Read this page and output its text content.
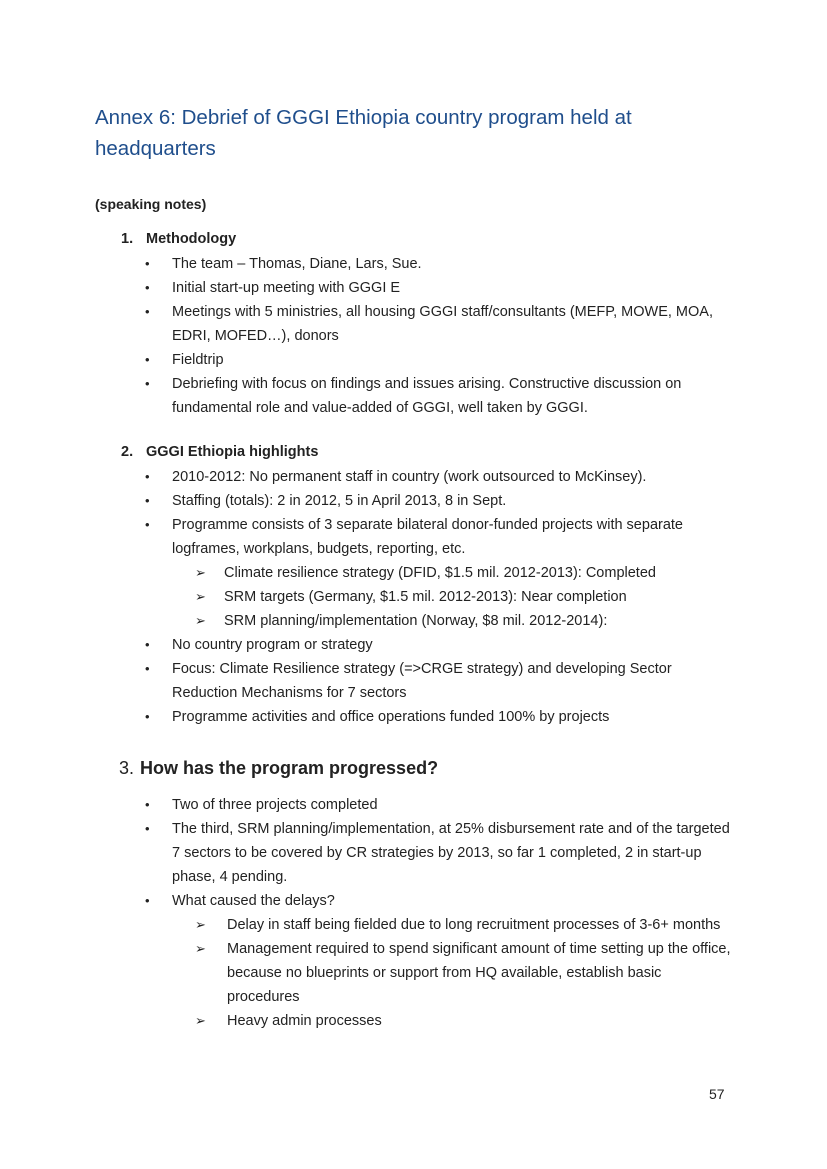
Annex 6: Debrief of GGGI Ethiopia country program held at headquarters

(speaking notes)

1. Methodology
• The team – Thomas, Diane, Lars, Sue.
• Initial start-up meeting with GGGI E
• Meetings with 5 ministries, all housing GGGI staff/consultants (MEFP, MOWE, MOA, EDRI, MOFED…), donors
• Fieldtrip
• Debriefing with focus on findings and issues arising. Constructive discussion on fundamental role and value-added of GGGI, well taken by GGGI.
2. GGGI Ethiopia highlights
• 2010-2012: No permanent staff in country (work outsourced to McKinsey).
• Staffing (totals): 2 in 2012, 5 in April 2013, 8 in Sept.
• Programme consists of 3 separate bilateral donor-funded projects with separate logframes, workplans, budgets, reporting, etc.
➢ Climate resilience strategy (DFID, $1.5 mil. 2012-2013): Completed
➢ SRM targets (Germany, $1.5 mil. 2012-2013): Near completion
➢ SRM planning/implementation (Norway, $8 mil. 2012-2014):
• No country program or strategy
• Focus: Climate Resilience strategy (=>CRGE strategy) and developing Sector Reduction Mechanisms for 7 sectors
• Programme activities and office operations funded 100% by projects
3. How has the program progressed?
• Two of three projects completed
• The third, SRM planning/implementation, at 25% disbursement rate and of the targeted 7 sectors to be covered by CR strategies by 2013, so far 1 completed, 2 in start-up phase, 4 pending.
• What caused the delays?
➢ Delay in staff being fielded due to long recruitment processes of 3-6+ months
➢ Management required to spend significant amount of time setting up the office, because no blueprints or support from HQ available, establish basic procedures
➢ Heavy admin processes
57
